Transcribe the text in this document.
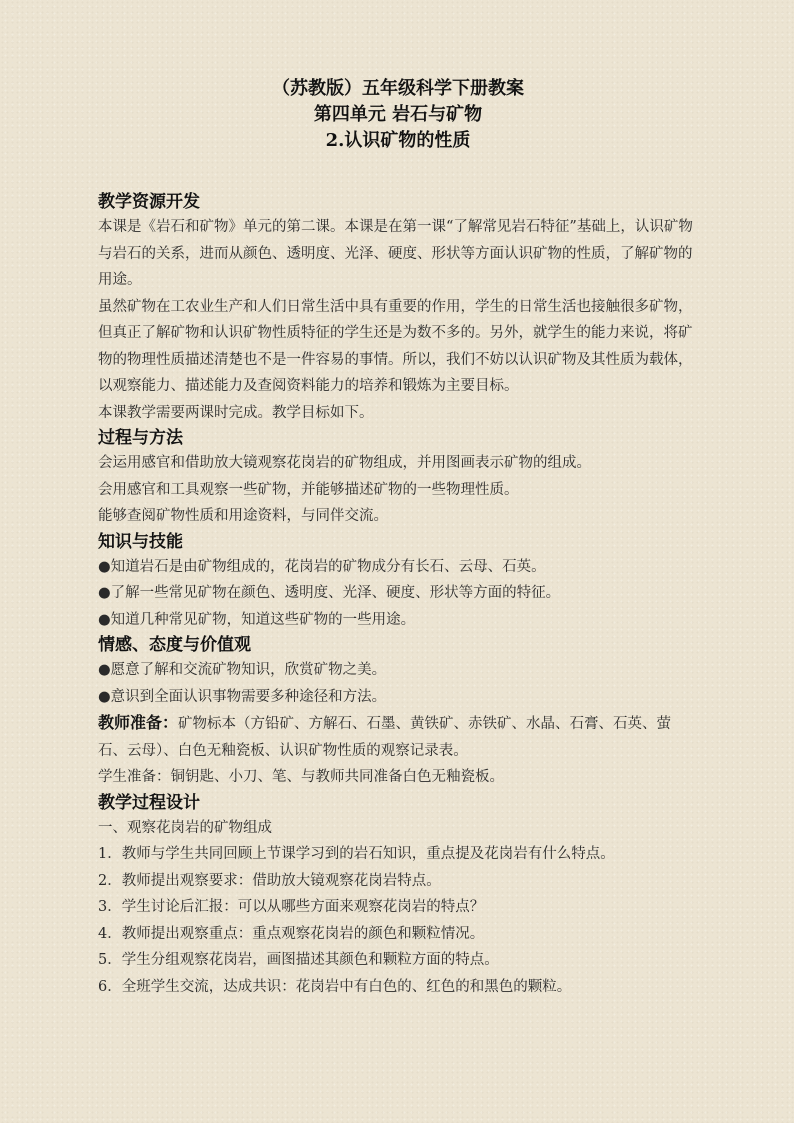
（苏教版）五年级科学下册教案
第四单元 岩石与矿物
2.认识矿物的性质
教学资源开发

本课是《岩石和矿物》单元的第二课。本课是在第一课“了解常见岩石特征”基础上，认识矿物与岩石的关系，进而从颜色、透明度、光泽、硬度、形状等方面认识矿物的性质，了解矿物的用途。

虽然矿物在工农业生产和人们日常生活中具有重要的作用，学生的日常生活也接触很多矿物，但真正了解矿物和认识矿物性质特征的学生还是为数不多的。另外，就学生的能力来说，将矿物的物理性质描述清楚也不是一件容易的事情。所以，我们不妨以认识矿物及其性质为载体，以观察能力、描述能力及查阅资料能力的培养和锻炼为主要目标。

本课教学需要两课时完成。教学目标如下。

过程与方法

会运用感官和借助放大镜观察花岗岩的矿物组成，并用图画表示矿物的组成。

会用感官和工具观察一些矿物，并能够描述矿物的一些物理性质。

能够查阅矿物性质和用途资料，与同伴交流。

知识与技能

●知道岩石是由矿物组成的，花岗岩的矿物成分有长石、云母、石英。

●了解一些常见矿物在颜色、透明度、光泽、硬度、形状等方面的特征。

●知道几种常见矿物，知道这些矿物的一些用途。

情感、态度与价值观

●愿意了解和交流矿物知识，欣赏矿物之美。

●意识到全面认识事物需要多种途径和方法。

教师准备：矿物标本（方铅矿、方解石、石墨、黄铁矿、赤铁矿、水晶、石膏、石英、萤石、云母）、白色无釉瓷板、认识矿物性质的观察记录表。

学生准备：铜钥匙、小刀、笔、与教师共同准备白色无釉瓷板。

教学过程设计

一、观察花岗岩的矿物组成

1．教师与学生共同回顾上节课学习到的岩石知识，重点提及花岗岩有什么特点。

2．教师提出观察要求：借助放大镜观察花岗岩特点。

3．学生讨论后汇报：可以从哪些方面来观察花岗岩的特点？

4．教师提出观察重点：重点观察花岗岩的颜色和颗粒情况。

5．学生分组观察花岗岩，画图描述其颜色和颗粒方面的特点。

6．全班学生交流，达成共识：花岗岩中有白色的、红色的和黑色的颗粒。
